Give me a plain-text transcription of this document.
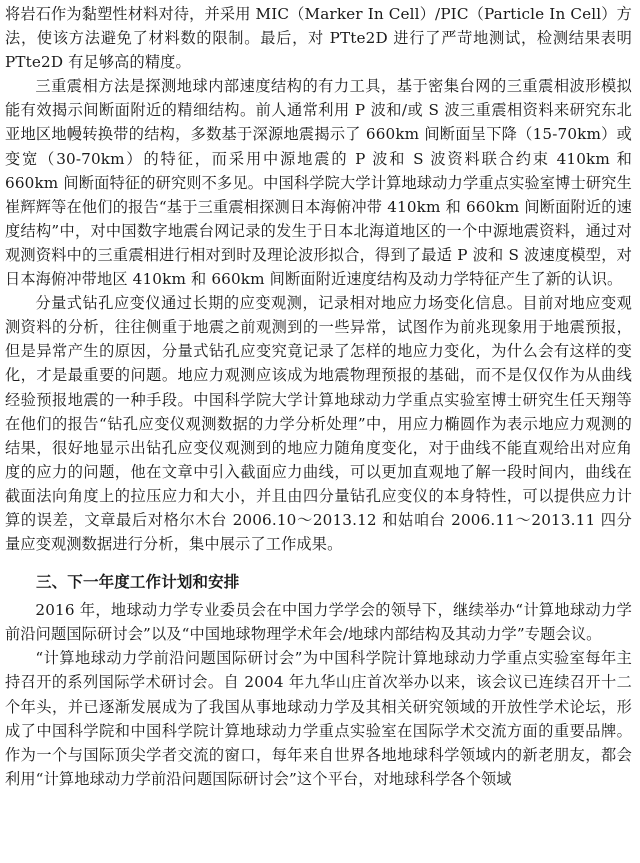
将岩石作为黏塑性材料对待，并采用 MIC（Marker In Cell）/PIC（Particle In Cell）方法，使该方法避免了材料数的限制。最后，对 PTte2D 进行了严苛地测试，检测结果表明 PTte2D 有足够高的精度。

三重震相方法是探测地球内部速度结构的有力工具，基于密集台网的三重震相波形模拟能有效揭示间断面附近的精细结构。前人通常利用 P 波和/或 S 波三重震相资料来研究东北亚地区地幔转换带的结构，多数基于深源地震揭示了 660km 间断面呈下降（15-70km）或变宽（30-70km）的特征，而采用中源地震的 P 波和 S 波资料联合约束 410km 和 660km 间断面特征的研究则不多见。中国科学院大学计算地球动力学重点实验室博士研究生崔辉辉等在他们的报告“基于三重震相探测日本海俯冲带 410km 和 660km 间断面附近的速度结构”中，对中国数字地震台网记录的发生于日本北海道地区的一个中源地震资料，通过对观测资料中的三重震相进行相对到时及理论波形拟合，得到了最适 P 波和 S 波速度模型，对日本海俯冲带地区 410km 和 660km 间断面附近速度结构及动力学特征产生了新的认识。

分量式钻孔应变仪通过长期的应变观测，记录相对地应力场变化信息。目前对地应变观测资料的分析，往往侧重于地震之前观测到的一些异常，试图作为前兆现象用于地震预报，但是异常产生的原因，分量式钻孔应变究竟记录了怎样的地应力变化，为什么会有这样的变化，才是最重要的问题。地应力观测应该成为地震物理预报的基础，而不是仅仅作为从曲线经验预报地震的一种手段。中国科学院大学计算地球动力学重点实验室博士研究生任天翔等在他们的报告“钻孔应变仪观测数据的力学分析处理”中，用应力椭圆作为表示地应力观测的结果，很好地显示出钻孔应变仪观测到的地应力随角度变化，对于曲线不能直观给出对应角度的应力的问题，他在文章中引入截面应力曲线，可以更加直观地了解一段时间内，曲线在截面法向角度上的拉压应力和大小，并且由四分量钻孔应变仪的本身特性，可以提供应力计算的误差，文章最后对格尔木台 2006.10～2013.12 和姑咱台 2006.11～2013.11 四分量应变观测数据进行分析，集中展示了工作成果。

三、下一年度工作计划和安排

2016 年，地球动力学专业委员会在中国力学学会的领导下，继续举办“计算地球动力学前沿问题国际研讨会”以及“中国地球物理学术年会/地球内部结构及其动力学”专题会议。

“计算地球动力学前沿问题国际研讨会”为中国科学院计算地球动力学重点实验室每年主持召开的系列国际学术研讨会。自 2004 年九华山庄首次举办以来，该会议已连续召开十二个年头，并已逐渐发展成为了我国从事地球动力学及其相关研究领域的开放性学术论坛，形成了中国科学院和中国科学院计算地球动力学重点实验室在国际学术交流方面的重要品牌。作为一个与国际顶尖学者交流的窗口，每年来自世界各地地球科学领域内的新老朋友，都会利用“计算地球动力学前沿问题国际研讨会”这个平台，对地球科学各个领域
